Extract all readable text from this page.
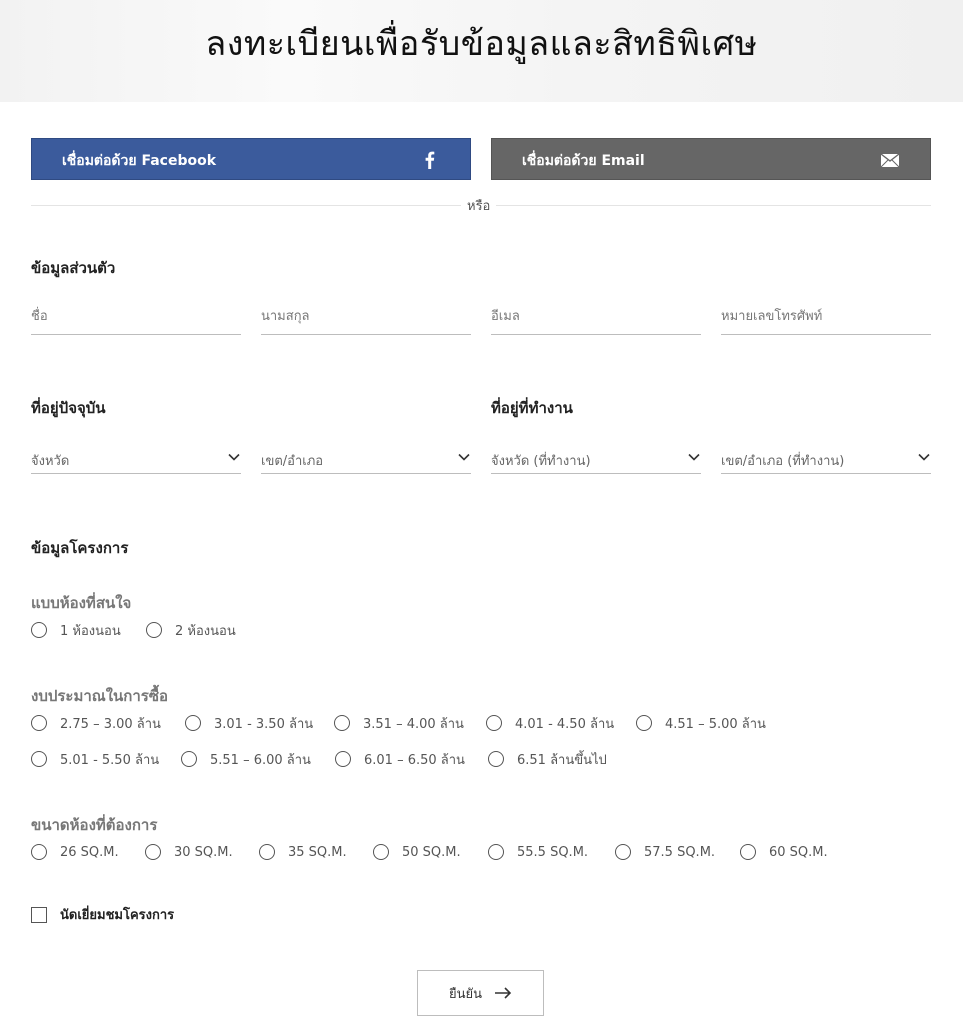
ลงทะเบียนเพื่อรับข้อมูลและสิทธิพิเศษ
เชื่อมต่อด้วย Facebook	เชื่อมต่อด้วย Email
หรือ
ข้อมูลส่วนตัว
ชื่อ
นามสกุล
อีเมล
หมายเลขโทรศัพท์
ที่อยู่ปัจจุบัน	ที่อยู่ที่ทำงาน
จังหวัด	เขต/อำเภอ	จังหวัด (ที่ทำงาน)	เขต/อำเภอ (ที่ทำงาน)
ข้อมูลโครงการ
แบบห้องที่สนใจ
1 ห้องนอน	2 ห้องนอน
งบประมาณในการซื้อ
2.75 – 3.00 ล้าน	3.01 - 3.50 ล้าน	3.51 – 4.00 ล้าน	4.01 - 4.50 ล้าน	4.51 – 5.00 ล้าน
5.01 - 5.50 ล้าน	5.51 – 6.00 ล้าน	6.01 – 6.50 ล้าน	6.51 ล้านขึ้นไป
ขนาดห้องที่ต้องการ
26 SQ.M.	30 SQ.M.	35 SQ.M.	50 SQ.M.	55.5 SQ.M.	57.5 SQ.M.	60 SQ.M.
นัดเยี่ยมชมโครงการ
ยืนยัน
